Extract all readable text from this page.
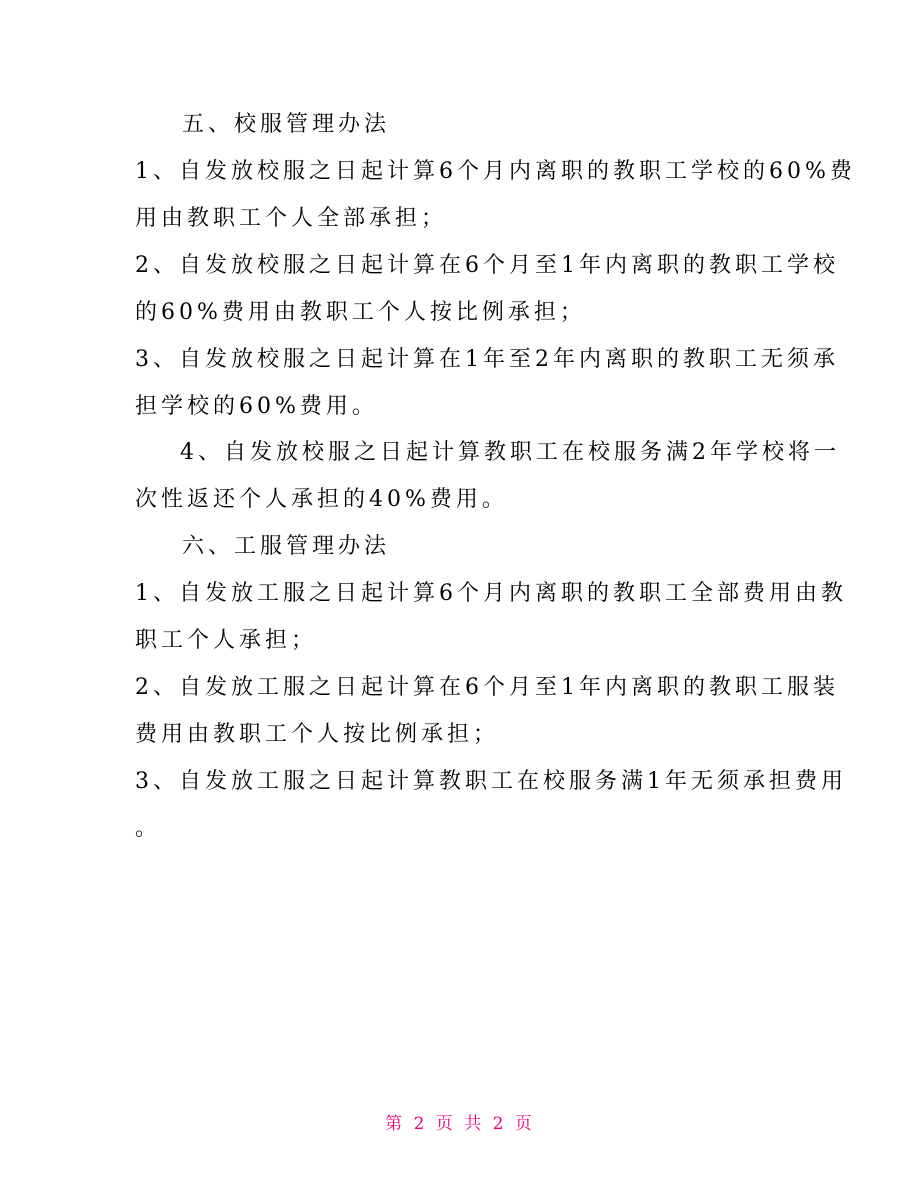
五、校服管理办法
1、自发放校服之日起计算6个月内离职的教职工学校的60%费
用由教职工个人全部承担；
2、自发放校服之日起计算在6个月至1年内离职的教职工学校
的60%费用由教职工个人按比例承担；
3、自发放校服之日起计算在1年至2年内离职的教职工无须承
担学校的60%费用。
4、自发放校服之日起计算教职工在校服务满2年学校将一
次性返还个人承担的40%费用。
六、工服管理办法
1、自发放工服之日起计算6个月内离职的教职工全部费用由教
职工个人承担；
2、自发放工服之日起计算在6个月至1年内离职的教职工服装
费用由教职工个人按比例承担；
3、自发放工服之日起计算教职工在校服务满1年无须承担费用
。
第 2 页 共 2 页
